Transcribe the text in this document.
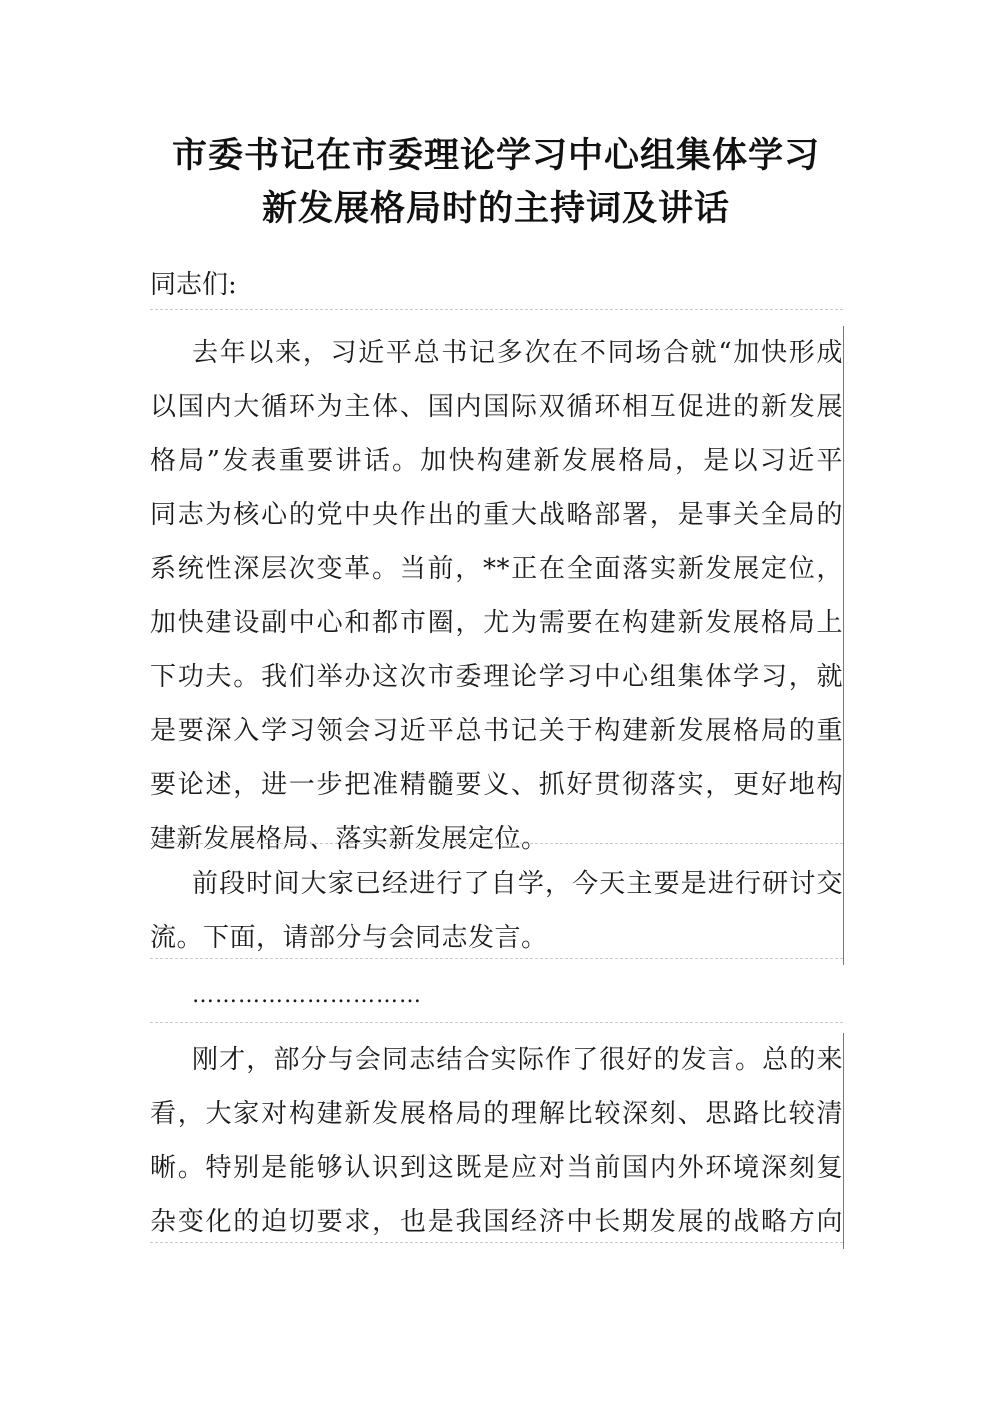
市委书记在市委理论学习中心组集体学习
新发展格局时的主持词及讲话
同志们:
去年以来，习近平总书记多次在不同场合就“加快形成
以国内大循环为主体、国内国际双循环相互促进的新发展
格局”发表重要讲话。加快构建新发展格局，是以习近平
同志为核心的党中央作出的重大战略部署，是事关全局的
系统性深层次变革。当前，**正在全面落实新发展定位，
加快建设副中心和都市圈，尤为需要在构建新发展格局上
下功夫。我们举办这次市委理论学习中心组集体学习，就
是要深入学习领会习近平总书记关于构建新发展格局的重
要论述，进一步把准精髓要义、抓好贯彻落实，更好地构
建新发展格局、落实新发展定位。
前段时间大家已经进行了自学，今天主要是进行研讨交
流。下面，请部分与会同志发言。
…………………………
刚才，部分与会同志结合实际作了很好的发言。总的来
看，大家对构建新发展格局的理解比较深刻、思路比较清
晰。特别是能够认识到这既是应对当前国内外环境深刻复
杂变化的迫切要求，也是我国经济中长期发展的战略方向
